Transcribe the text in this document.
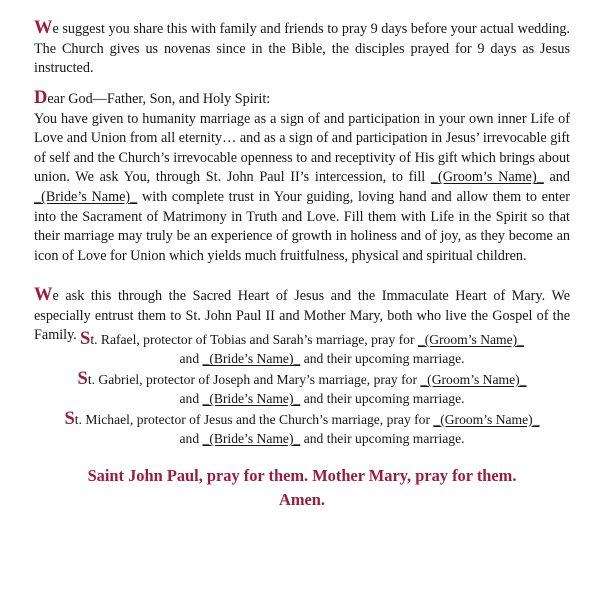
We suggest you share this with family and friends to pray 9 days before your actual wedding. The Church gives us novenas since in the Bible, the disciples prayed for 9 days as Jesus instructed.

Dear God—Father, Son, and Holy Spirit:
You have given to humanity marriage as a sign of and participation in your own inner Life of Love and Union from all eternity… and as a sign of and participation in Jesus’ irrevocable gift of self and the Church’s irrevocable openness to and receptivity of His gift which brings about union. We ask You, through St. John Paul II’s intercession, to fill _(Groom’s Name)_ and _(Bride’s Name)_ with complete trust in Your guiding, loving hand and allow them to enter into the Sacrament of Matrimony in Truth and Love. Fill them with Life in the Spirit so that their marriage may truly be an experience of growth in holiness and of joy, as they become an icon of Love for Union which yields much fruitfulness, physical and spiritual children.

We ask this through the Sacred Heart of Jesus and the Immaculate Heart of Mary. We especially entrust them to St. John Paul II and Mother Mary, both who live the Gospel of the Family. St. Rafael, protector of Tobias and Sarah’s marriage, pray for _(Groom’s Name)_
and _(Bride’s Name)_ and their upcoming marriage.
St. Gabriel, protector of Joseph and Mary’s marriage, pray for _(Groom’s Name)_
and _(Bride’s Name)_ and their upcoming marriage.
St. Michael, protector of Jesus and the Church’s marriage, pray for _(Groom’s Name)_
and _(Bride’s Name)_ and their upcoming marriage.
Saint John Paul, pray for them. Mother Mary, pray for them.
Amen.
